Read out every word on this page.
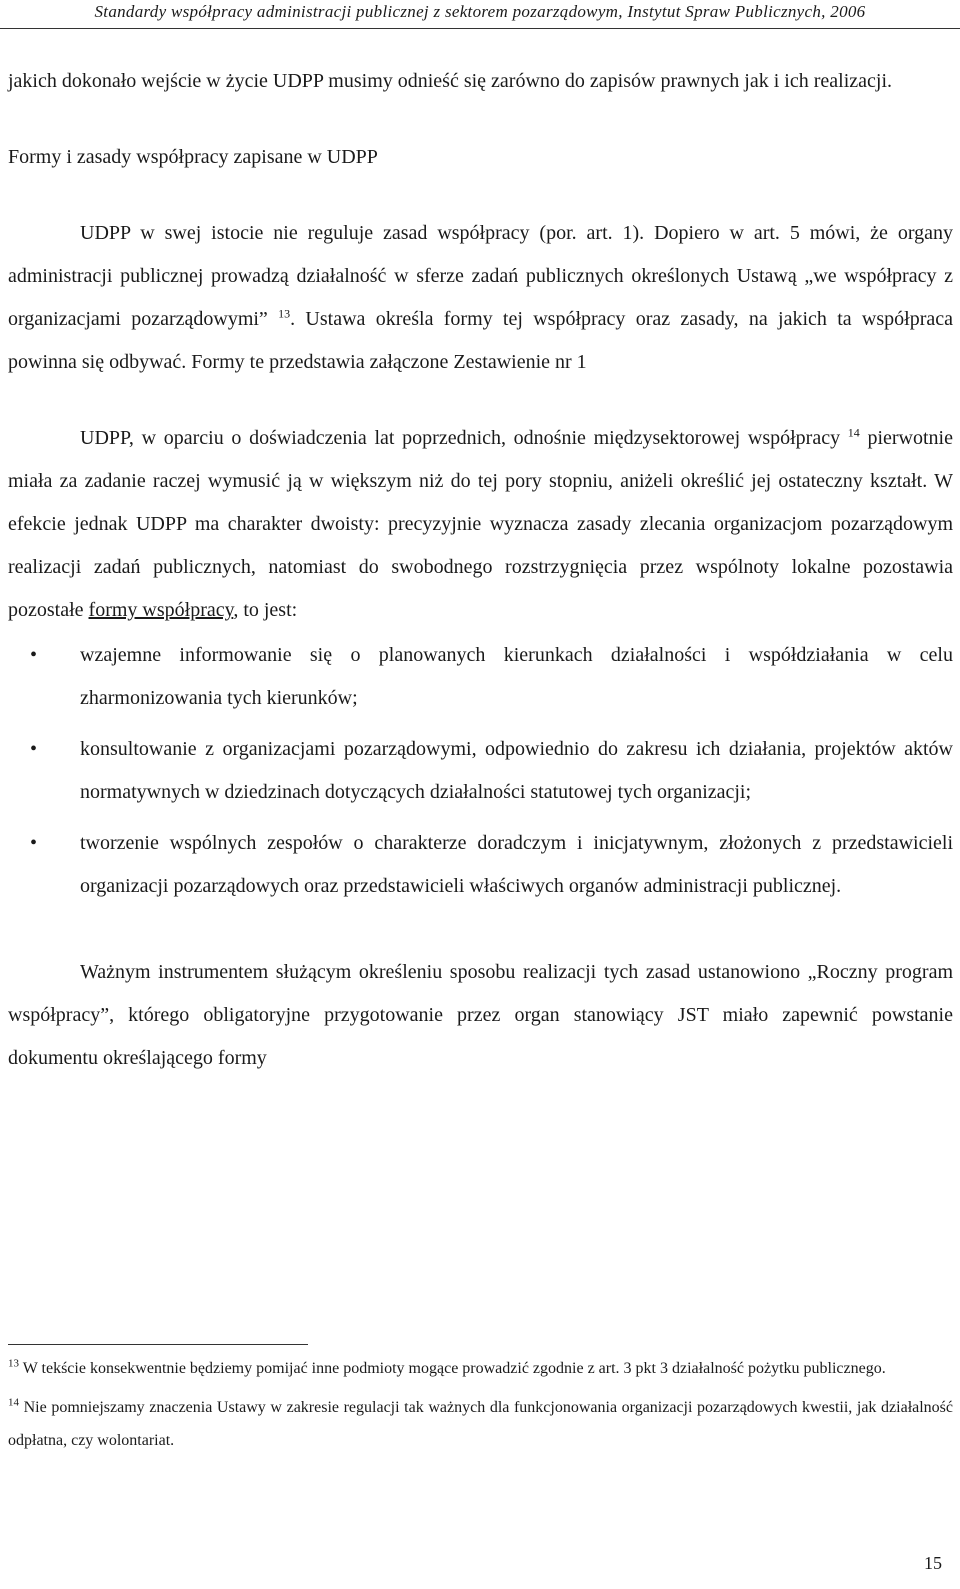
Standardy współpracy administracji publicznej z sektorem pozarządowym, Instytut Spraw Publicznych, 2006

jakich dokonało wejście w życie UDPP musimy odnieść się zarówno do zapisów prawnych jak i ich realizacji.

Formy i zasady współpracy zapisane w UDPP

UDPP w swej istocie nie reguluje zasad współpracy (por. art. 1). Dopiero w art. 5 mówi, że organy administracji publicznej prowadzą działalność w sferze zadań publicznych określonych Ustawą „we współpracy z organizacjami pozarządowymi” $^{13}$. Ustawa określa formy tej współpracy oraz zasady, na jakich ta współpraca powinna się odbywać. Formy te przedstawia załączone Zestawienie nr 1

UDPP, w oparciu o doświadczenia lat poprzednich, odnośnie międzysektorowej współpracy $^{14}$ pierwotnie miała za zadanie raczej wymusić ją w większym niż do tej pory stopniu, aniżeli określić jej ostateczny kształt. W efekcie jednak UDPP ma charakter dwoisty: precyzyjnie wyznacza zasady zlecania organizacjom pozarządowym realizacji zadań publicznych, natomiast do swobodnego rozstrzygnięcia przez wspólnoty lokalne pozostawia pozostałe formy współpracy, to jest:

• wzajemne informowanie się o planowanych kierunkach działalności i współdziałania w celu zharmonizowania tych kierunków;
• konsultowanie z organizacjami pozarządowymi, odpowiednio do zakresu ich działania, projektów aktów normatywnych w dziedzinach dotyczących działalności statutowej tych organizacji;
• tworzenie wspólnych zespołów o charakterze doradczym i inicjatywnym, złożonych z przedstawicieli organizacji pozarządowych oraz przedstawicieli właściwych organów administracji publicznej.

Ważnym instrumentem służącym określeniu sposobu realizacji tych zasad ustanowiono „Roczny program współpracy”, którego obligatoryjne przygotowanie przez organ stanowiący JST miało zapewnić powstanie dokumentu określającego formy

$^{13}$ W tekście konsekwentnie będziemy pomijać inne podmioty mogące prowadzić zgodnie z art. 3 pkt 3 działalność pożytku publicznego.

$^{14}$ Nie pomniejszamy znaczenia Ustawy w zakresie regulacji tak ważnych dla funkcjonowania organizacji pozarządowych kwestii, jak działalność odpłatna, czy wolontariat.

15
